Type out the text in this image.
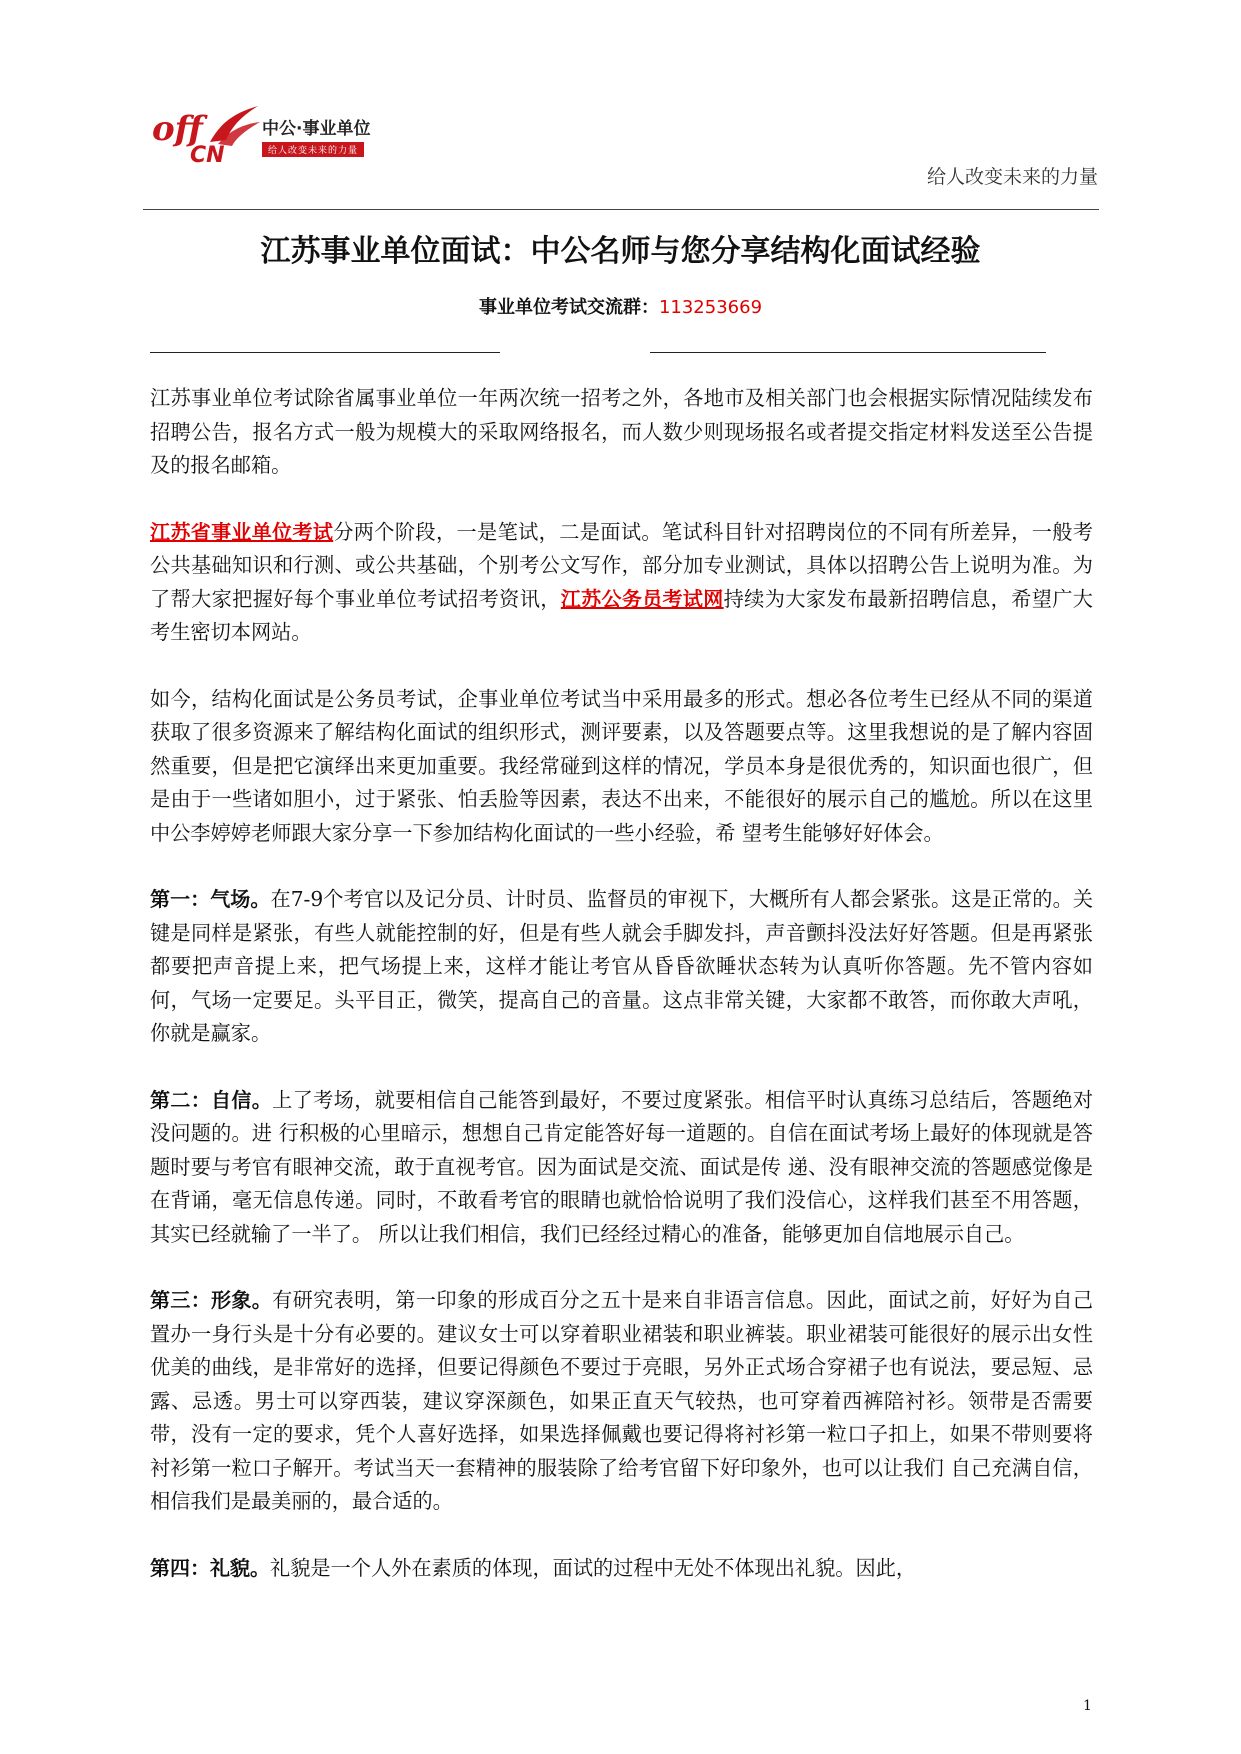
off
CN
中公·事业单位
给人改变未来的力量
给人改变未来的力量
江苏事业单位面试：中公名师与您分享结构化面试经验
事业单位考试交流群：113253669

江苏事业单位考试除省属事业单位一年两次统一招考之外，各地市及相关部门也会根据实际情况陆续发布招聘公告，报名方式一般为规模大的采取网络报名，而人数少则现场报名或者提交指定材料发送至公告提及的报名邮箱。

江苏省事业单位考试分两个阶段，一是笔试，二是面试。笔试科目针对招聘岗位的不同有所差异，一般考公共基础知识和行测、或公共基础，个别考公文写作，部分加专业测试，具体以招聘公告上说明为准。为了帮大家把握好每个事业单位考试招考资讯，江苏公务员考试网持续为大家发布最新招聘信息，希望广大考生密切本网站。

如今，结构化面试是公务员考试，企事业单位考试当中采用最多的形式。想必各位考生已经从不同的渠道获取了很多资源来了解结构化面试的组织形式，测评要素，以及答题要点等。这里我想说的是了解内容固然重要，但是把它演绎出来更加重要。我经常碰到这样的情况，学员本身是很优秀的，知识面也很广，但是由于一些诸如胆小，过于紧张、怕丢脸等因素，表达不出来，不能很好的展示自己的尴尬。所以在这里中公李婷婷老师跟大家分享一下参加结构化面试的一些小经验，希 望考生能够好好体会。

第一：气场。在7-9个考官以及记分员、计时员、监督员的审视下，大概所有人都会紧张。这是正常的。关键是同样是紧张，有些人就能控制的好，但是有些人就会手脚发抖，声音颤抖没法好好答题。但是再紧张都要把声音提上来，把气场提上来，这样才能让考官从昏昏欲睡状态转为认真听你答题。先不管内容如何，气场一定要足。头平目正，微笑，提高自己的音量。这点非常关键，大家都不敢答，而你敢大声吼，你就是赢家。

第二：自信。上了考场，就要相信自己能答到最好，不要过度紧张。相信平时认真练习总结后，答题绝对没问题的。进 行积极的心里暗示，想想自己肯定能答好每一道题的。自信在面试考场上最好的体现就是答题时要与考官有眼神交流，敢于直视考官。因为面试是交流、面试是传 递、没有眼神交流的答题感觉像是在背诵，毫无信息传递。同时，不敢看考官的眼睛也就恰恰说明了我们没信心，这样我们甚至不用答题，其实已经就输了一半了。 所以让我们相信，我们已经经过精心的准备，能够更加自信地展示自己。

第三：形象。有研究表明，第一印象的形成百分之五十是来自非语言信息。因此，面试之前，好好为自己置办一身行头是十分有必要的。建议女士可以穿着职业裙装和职业裤装。职业裙装可能很好的展示出女性优美的曲线，是非常好的选择，但要记得颜色不要过于亮眼，另外正式场合穿裙子也有说法，要忌短、忌露、忌透。男士可以穿西装，建议穿深颜色，如果正直天气较热，也可穿着西裤陪衬衫。领带是否需要带，没有一定的要求，凭个人喜好选择，如果选择佩戴也要记得将衬衫第一粒口子扣上，如果不带则要将衬衫第一粒口子解开。考试当天一套精神的服装除了给考官留下好印象外，也可以让我们 自己充满自信，相信我们是最美丽的，最合适的。

第四：礼貌。礼貌是一个人外在素质的体现，面试的过程中无处不体现出礼貌。因此，

1
